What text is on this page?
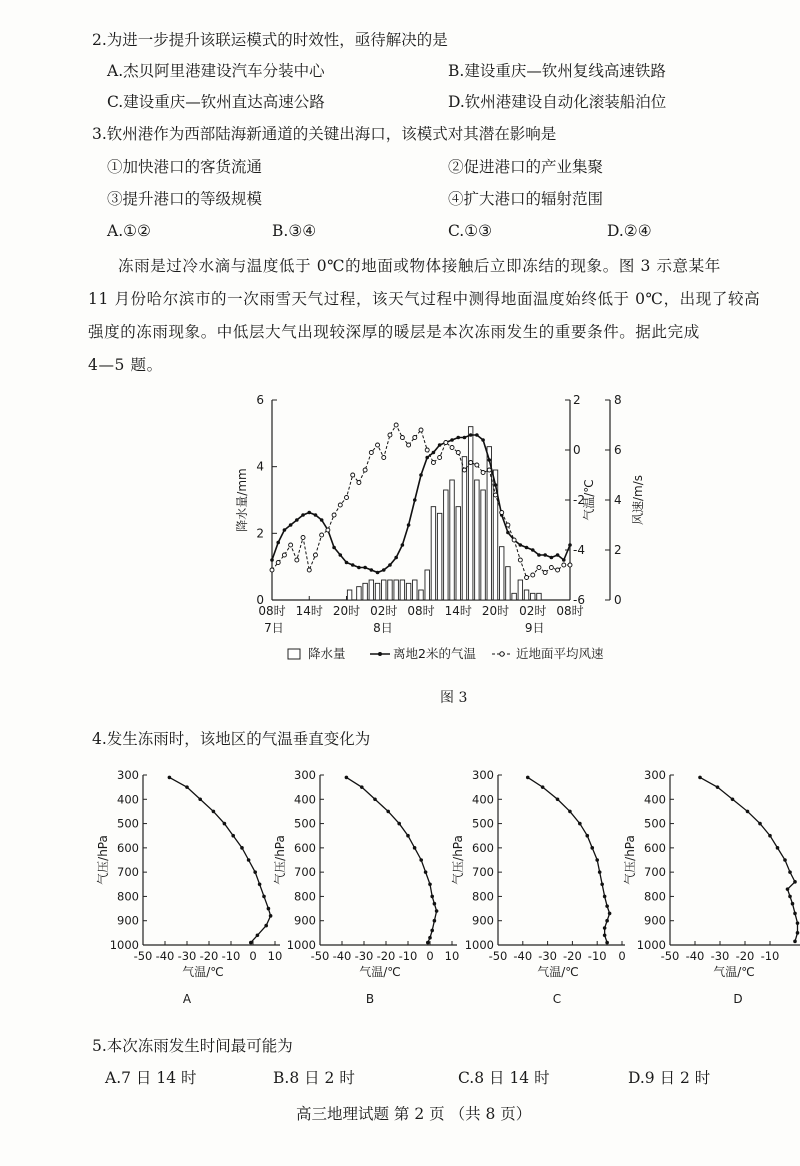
2.为进一步提升该联运模式的时效性，亟待解决的是
A.杰贝阿里港建设汽车分装中心	B.建设重庆—钦州复线高速铁路
C.建设重庆—钦州直达高速公路	D.钦州港建设自动化滚装船泊位
3.钦州港作为西部陆海新通道的关键出海口，该模式对其潜在影响是
①加快港口的客货流通	②促进港口的产业集聚
③提升港口的等级规模	④扩大港口的辐射范围
A.①②	B.③④	C.①③	D.②④

冻雨是过冷水滴与温度低于 0℃的地面或物体接触后立即冻结的现象。图 3 示意某年

11 月份哈尔滨市的一次雨雪天气过程，该天气过程中测得地面温度始终低于 0℃，出现了较高

强度的冻雨现象。中低层大气出现较深厚的暖层是本次冻雨发生的重要条件。据此完成

4—5 题。

0
2
4
6
-6
-4
-2
0
2
0
2
4
6
8
降水量/mm	气温/℃	风速/m/s
08时 14时 20时 02时 08时 14时 20时 02时 08时
7日	8日	9日
降水量	离地2米的气温	近地面平均风速
图 3
4.发生冻雨时，该地区的气温垂直变化为
300
400
500
600
700
800
900
1000
-50 -40 -30 -20 -10 0 10
气压/hPa
气温/℃
A
300
400
500
600
700
800
900
1000
-50 -40 -30 -20 -10 0 10
气压/hPa
气温/℃
B
300
400
500
600
700
800
900
1000
-50 -40 -30 -20 -10 0
气压/hPa
气温/℃
C
300
400
500
600
700
800
900
1000
-50 -40 -30 -20 -10
气压/hPa
气温/℃
D
5.本次冻雨发生时间最可能为
A.7 日 14 时	B.8 日 2 时	C.8 日 14 时	D.9 日 2 时
高三地理试题 第 2 页 （共 8 页）
